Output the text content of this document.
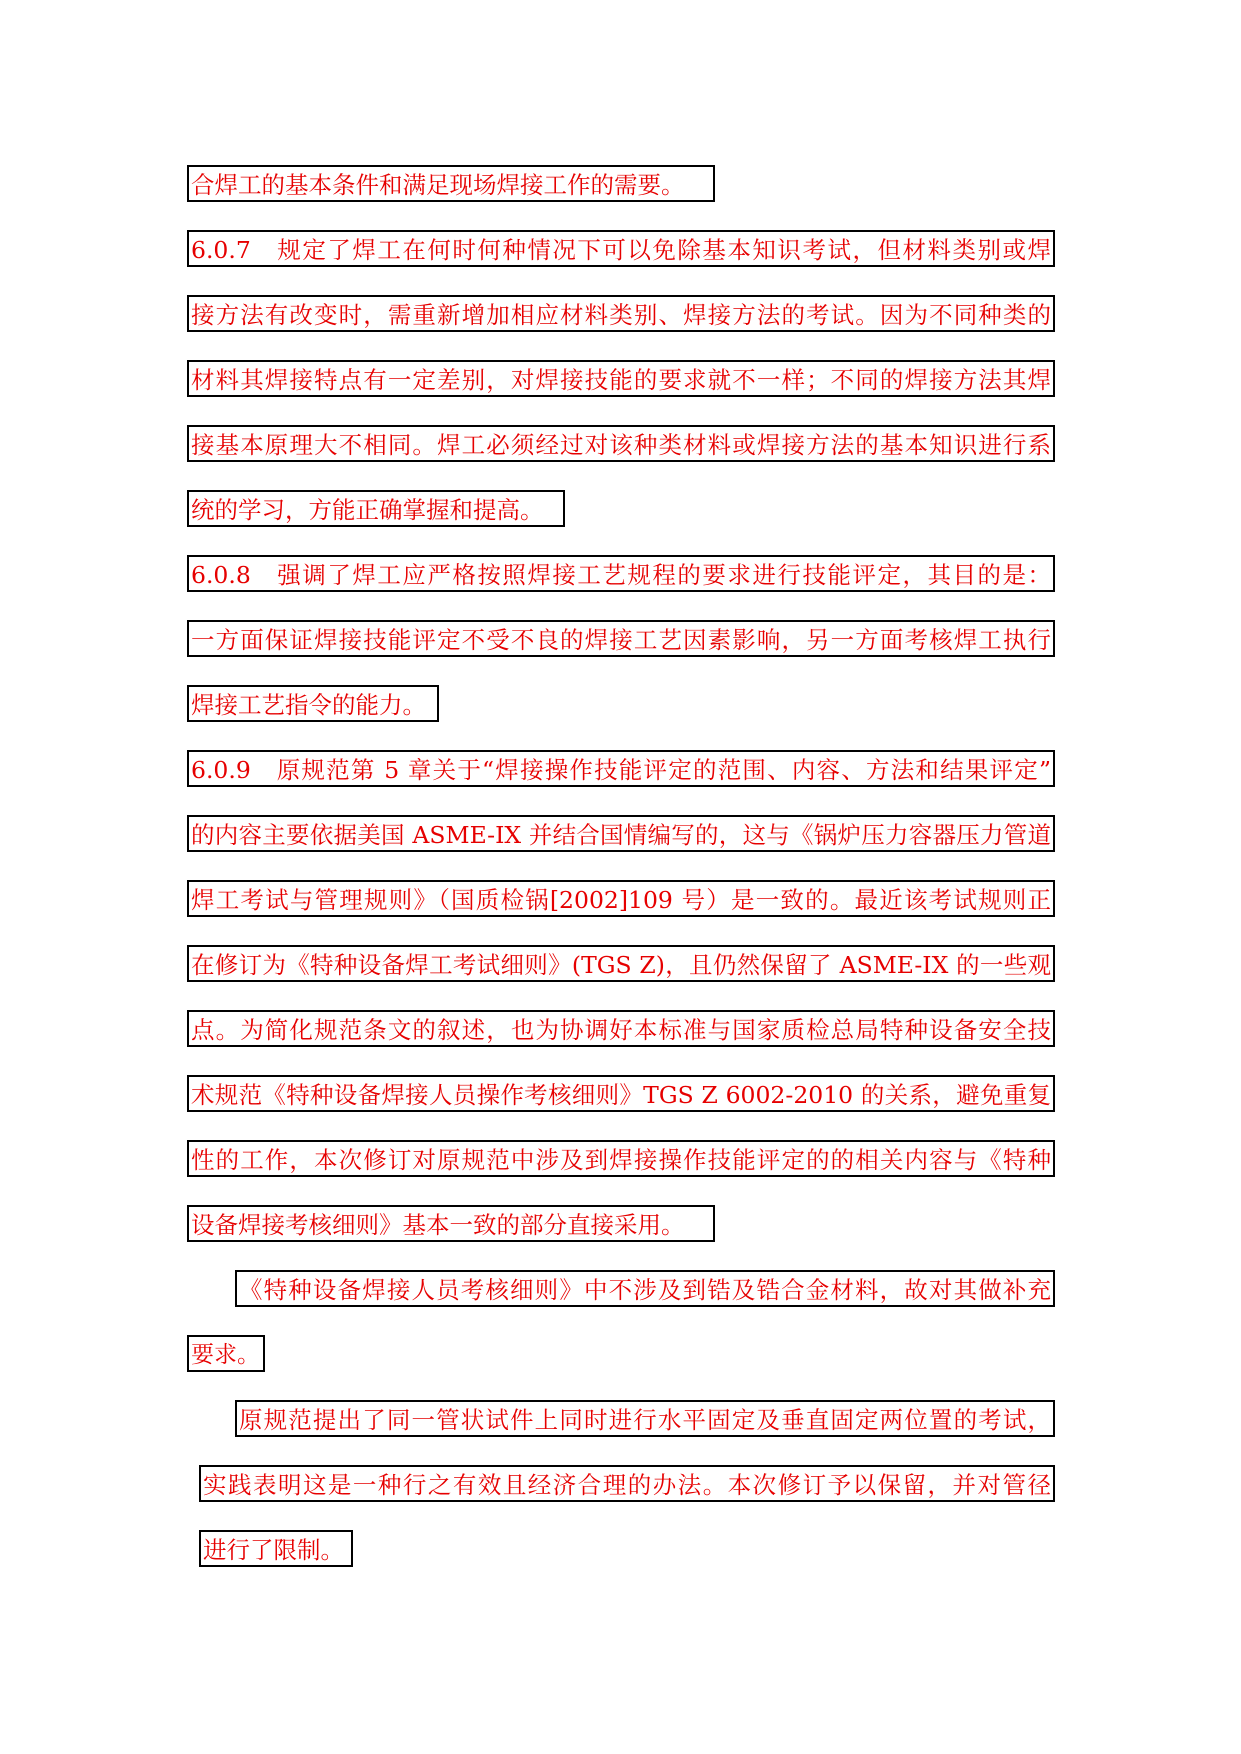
合焊工的基本条件和满足现场焊接工作的需要。
6.0.7　规定了焊工在何时何种情况下可以免除基本知识考试，但材料类别或焊
接方法有改变时，需重新增加相应材料类别、焊接方法的考试。因为不同种类的
材料其焊接特点有一定差别，对焊接技能的要求就不一样；不同的焊接方法其焊
接基本原理大不相同。焊工必须经过对该种类材料或焊接方法的基本知识进行系
统的学习，方能正确掌握和提高。
6.0.8　强调了焊工应严格按照焊接工艺规程的要求进行技能评定，其目的是：
一方面保证焊接技能评定不受不良的焊接工艺因素影响，另一方面考核焊工执行
焊接工艺指令的能力。
6.0.9　原规范第 5 章关于“焊接操作技能评定的范围、内容、方法和结果评定”
的内容主要依据美国 ASME-IX 并结合国情编写的，这与《锅炉压力容器压力管道
焊工考试与管理规则》（国质检锅[2002]109 号）是一致的。最近该考试规则正
在修订为《特种设备焊工考试细则》(TGS Z)，且仍然保留了 ASME-IX 的一些观
点。为简化规范条文的叙述，也为协调好本标准与国家质检总局特种设备安全技
术规范《特种设备焊接人员操作考核细则》TGS Z 6002-2010 的关系，避免重复
性的工作，本次修订对原规范中涉及到焊接操作技能评定的的相关内容与《特种
设备焊接考核细则》基本一致的部分直接采用。
《特种设备焊接人员考核细则》中不涉及到锆及锆合金材料，故对其做补充
要求。
原规范提出了同一管状试件上同时进行水平固定及垂直固定两位置的考试，
实践表明这是一种行之有效且经济合理的办法。本次修订予以保留，并对管径
进行了限制。
